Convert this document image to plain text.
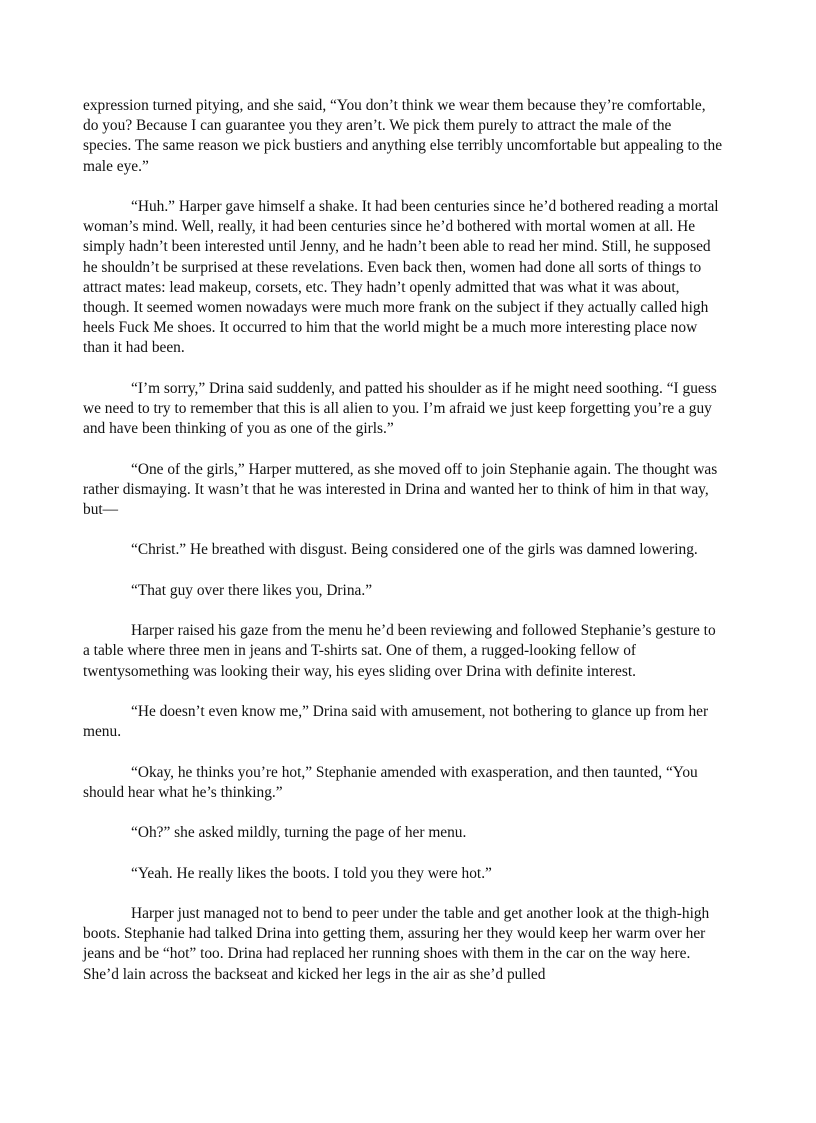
expression turned pitying, and she said, “You don’t think we wear them because they’re comfortable, do you? Because I can guarantee you they aren’t. We pick them purely to attract the male of the species. The same reason we pick bustiers and anything else terribly uncomfortable but appealing to the male eye.”

“Huh.” Harper gave himself a shake. It had been centuries since he’d bothered reading a mortal woman’s mind. Well, really, it had been centuries since he’d bothered with mortal women at all. He simply hadn’t been interested until Jenny, and he hadn’t been able to read her mind. Still, he supposed he shouldn’t be surprised at these revelations. Even back then, women had done all sorts of things to attract mates: lead makeup, corsets, etc. They hadn’t openly admitted that was what it was about, though. It seemed women nowadays were much more frank on the subject if they actually called high heels Fuck Me shoes. It occurred to him that the world might be a much more interesting place now than it had been.

“I’m sorry,” Drina said suddenly, and patted his shoulder as if he might need soothing. “I guess we need to try to remember that this is all alien to you. I’m afraid we just keep forgetting you’re a guy and have been thinking of you as one of the girls.”

“One of the girls,” Harper muttered, as she moved off to join Stephanie again. The thought was rather dismaying. It wasn’t that he was interested in Drina and wanted her to think of him in that way, but—

“Christ.” He breathed with disgust. Being considered one of the girls was damned lowering.

“That guy over there likes you, Drina.”

Harper raised his gaze from the menu he’d been reviewing and followed Stephanie’s gesture to a table where three men in jeans and T-shirts sat. One of them, a rugged-looking fellow of twentysomething was looking their way, his eyes sliding over Drina with definite interest.

“He doesn’t even know me,” Drina said with amusement, not bothering to glance up from her menu.

“Okay, he thinks you’re hot,” Stephanie amended with exasperation, and then taunted, “You should hear what he’s thinking.”

“Oh?” she asked mildly, turning the page of her menu.

“Yeah. He really likes the boots. I told you they were hot.”

Harper just managed not to bend to peer under the table and get another look at the thigh-high boots. Stephanie had talked Drina into getting them, assuring her they would keep her warm over her jeans and be “hot” too. Drina had replaced her running shoes with them in the car on the way here. She’d lain across the backseat and kicked her legs in the air as she’d pulled
